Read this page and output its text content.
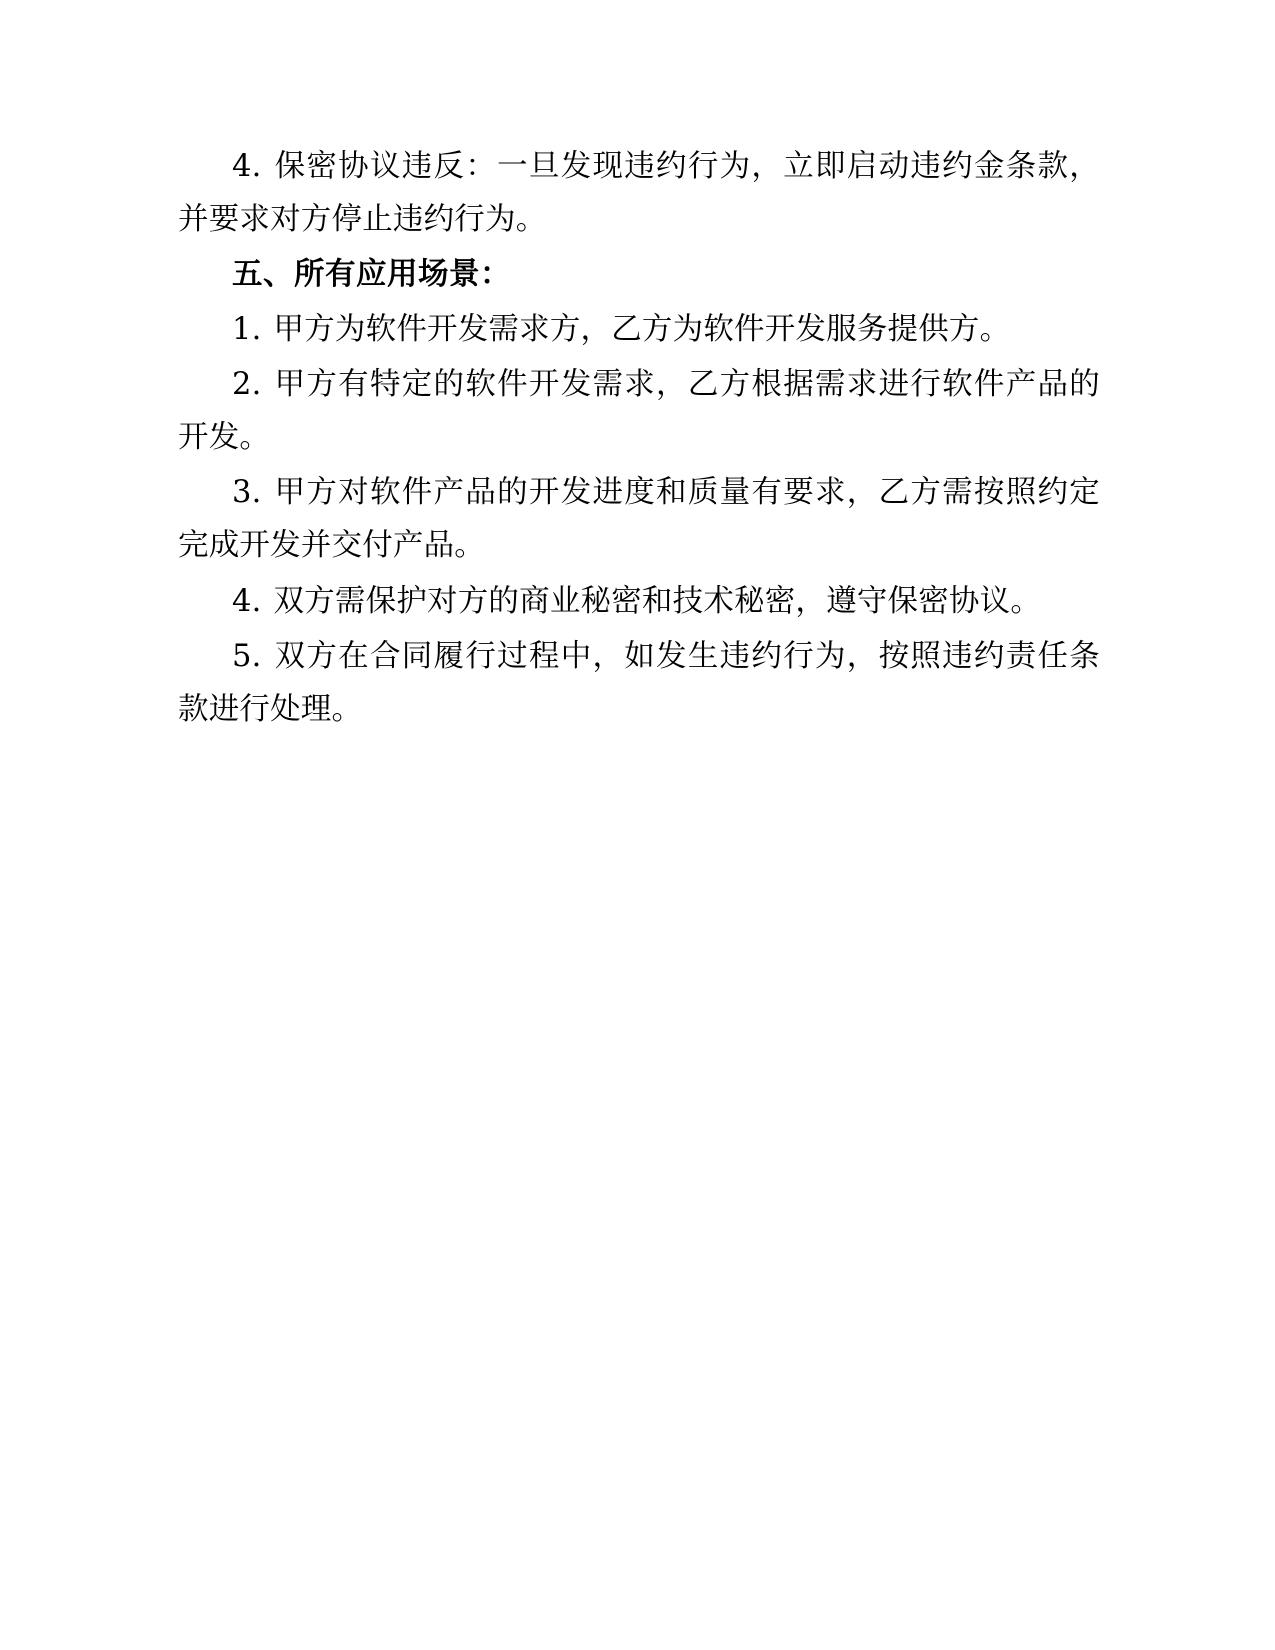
4. 保密协议违反：一旦发现违约行为，立即启动违约金条款，并要求对方停止违约行为。

五、所有应用场景：

1. 甲方为软件开发需求方，乙方为软件开发服务提供方。

2. 甲方有特定的软件开发需求，乙方根据需求进行软件产品的开发。

3. 甲方对软件产品的开发进度和质量有要求，乙方需按照约定完成开发并交付产品。

4. 双方需保护对方的商业秘密和技术秘密，遵守保密协议。

5. 双方在合同履行过程中，如发生违约行为，按照违约责任条款进行处理。
